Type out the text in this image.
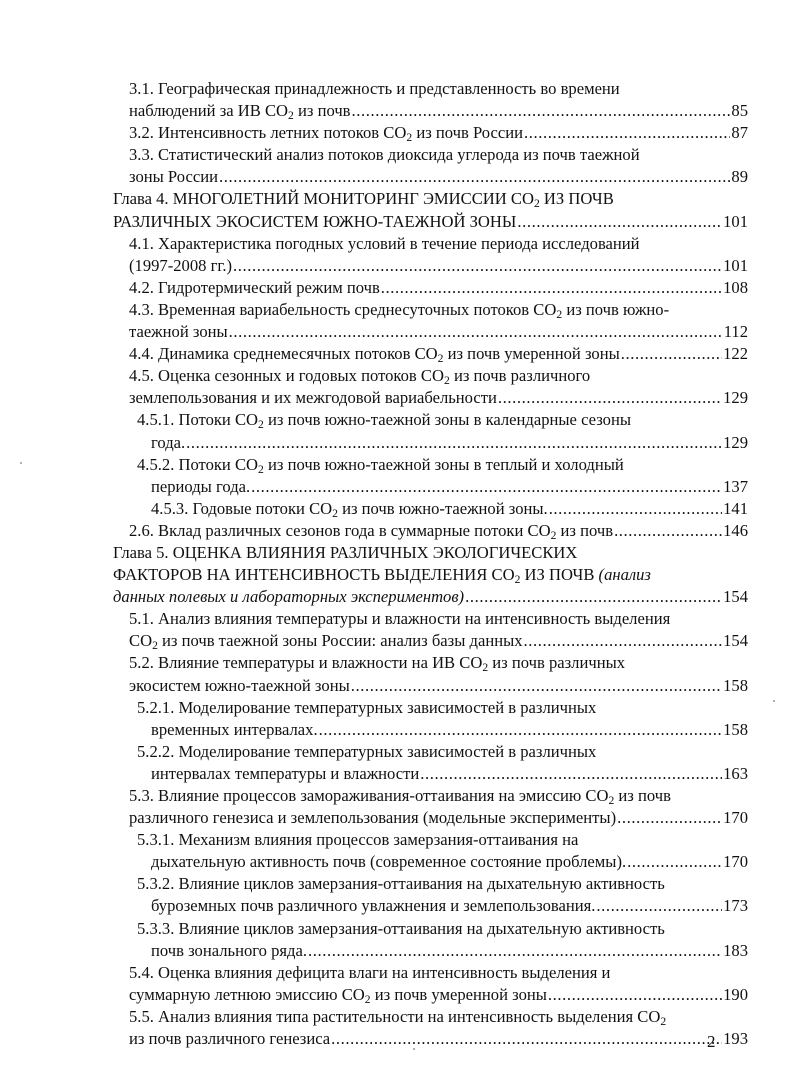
3.1. Географическая принадлежность и представленность во времени
наблюдений за ИВ $СО_2$ из почв .....	85
3.2. Интенсивность летних потоков $СО_2$ из почв России .....	87
3.3. Статистический анализ потоков диоксида углерода из почв таежной
зоны России .....	89
Глава 4. МНОГОЛЕТНИЙ МОНИТОРИНГ ЭМИССИИ $СО_2$ ИЗ ПОЧВ
РАЗЛИЧНЫХ ЭКОСИСТЕМ ЮЖНО-ТАЕЖНОЙ ЗОНЫ .....	101
4.1. Характеристика погодных условий в течение периода исследований
(1997-2008 гг.) .....	101
4.2. Гидротермический режим почв .....	108
4.3. Временная вариабельность среднесуточных потоков $СО_2$ из почв южно-
таежной зоны .....	112
4.4. Динамика среднемесячных потоков $СО_2$ из почв умеренной зоны .....	122
4.5. Оценка сезонных и годовых потоков $СО_2$ из почв различного
землепользования и их межгодовой вариабельности .....	129
4.5.1. Потоки $СО_2$ из почв южно-таежной зоны в календарные сезоны
года. .....	129
4.5.2. Потоки $СО_2$ из почв южно-таежной зоны в теплый и холодный
периоды года. .....	137
4.5.3. Годовые потоки $СО_2$ из почв южно-таежной зоны. .....	141
2.6. Вклад различных сезонов года в суммарные потоки $СО_2$ из почв .....	146
Глава 5. ОЦЕНКА ВЛИЯНИЯ РАЗЛИЧНЫХ ЭКОЛОГИЧЕСКИХ
ФАКТОРОВ НА ИНТЕНСИВНОСТЬ ВЫДЕЛЕНИЯ $СО_2$ ИЗ ПОЧВ (анализ
данных полевых и лабораторных экспериментов) .....	154
5.1. Анализ влияния температуры и влажности на интенсивность выделения
$СО_2$ из почв таежной зоны России: анализ базы данных .....	154
5.2. Влияние температуры и влажности на ИВ $СО_2$ из почв различных
экосистем южно-таежной зоны .....	158
5.2.1. Моделирование температурных зависимостей в различных
временных интервалах. .....	158
5.2.2. Моделирование температурных зависимостей в различных
интервалах температуры и влажности .....	163
5.3. Влияние процессов замораживания-оттаивания на эмиссию $СО_2$ из почв
различного генезиса и землепользования (модельные эксперименты) .....	170
5.3.1. Механизм влияния процессов замерзания-оттаивания на
дыхательную активность почв (современное состояние проблемы). .....	170
5.3.2. Влияние циклов замерзания-оттаивания на дыхательную активность
буроземных почв различного увлажнения и землепользования. .....	173
5.3.3. Влияние циклов замерзания-оттаивания на дыхательную активность
почв зонального ряда. .....	183
5.4. Оценка влияния дефицита влаги на интенсивность выделения и
суммарную летнюю эмиссию $СО_2$ из почв умеренной зоны .....	190
5.5. Анализ влияния типа растительности на интенсивность выделения $СО_2$
из почв различного генезиса .....	193
2
